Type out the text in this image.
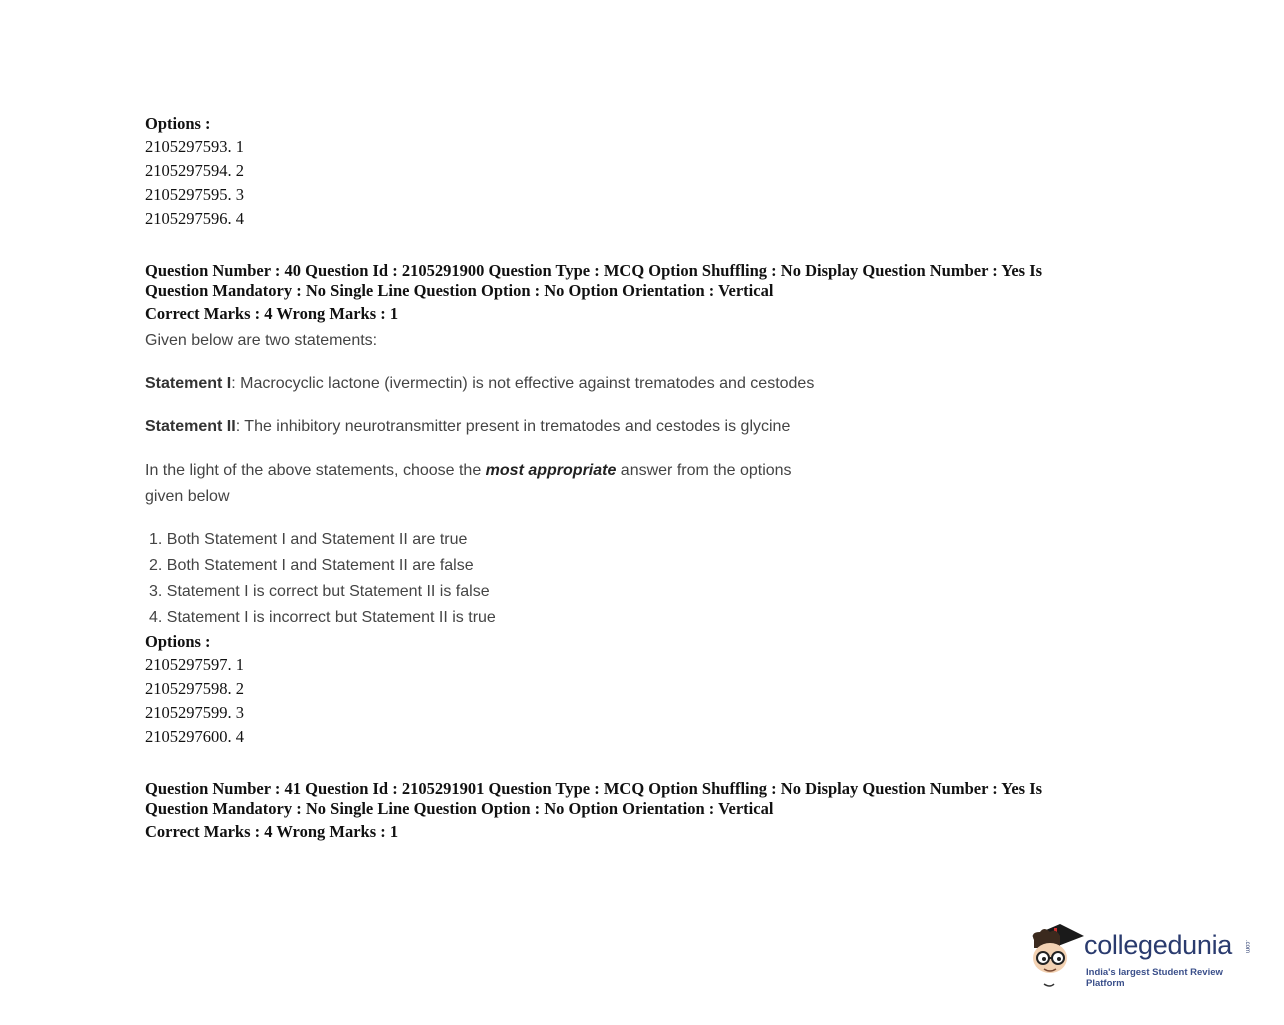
Options :
2105297593. 1
2105297594. 2
2105297595. 3
2105297596. 4
Question Number : 40 Question Id : 2105291900 Question Type : MCQ Option Shuffling : No Display Question Number : Yes Is
Question Mandatory : No Single Line Question Option : No Option Orientation : Vertical
Correct Marks : 4 Wrong Marks : 1
Given below are two statements:
Statement I: Macrocyclic lactone (ivermectin) is not effective against trematodes and cestodes
Statement II: The inhibitory neurotransmitter present in trematodes and cestodes is glycine
In the light of the above statements, choose the most appropriate answer from the options
given below
1. Both Statement I and Statement II are true
2. Both Statement I and Statement II are false
3. Statement I is correct but Statement II is false
4. Statement I is incorrect but Statement II is true
Options :
2105297597. 1
2105297598. 2
2105297599. 3
2105297600. 4
Question Number : 41 Question Id : 2105291901 Question Type : MCQ Option Shuffling : No Display Question Number : Yes Is
Question Mandatory : No Single Line Question Option : No Option Orientation : Vertical
Correct Marks : 4 Wrong Marks : 1
collegedunia .com
India's largest Student Review Platform
